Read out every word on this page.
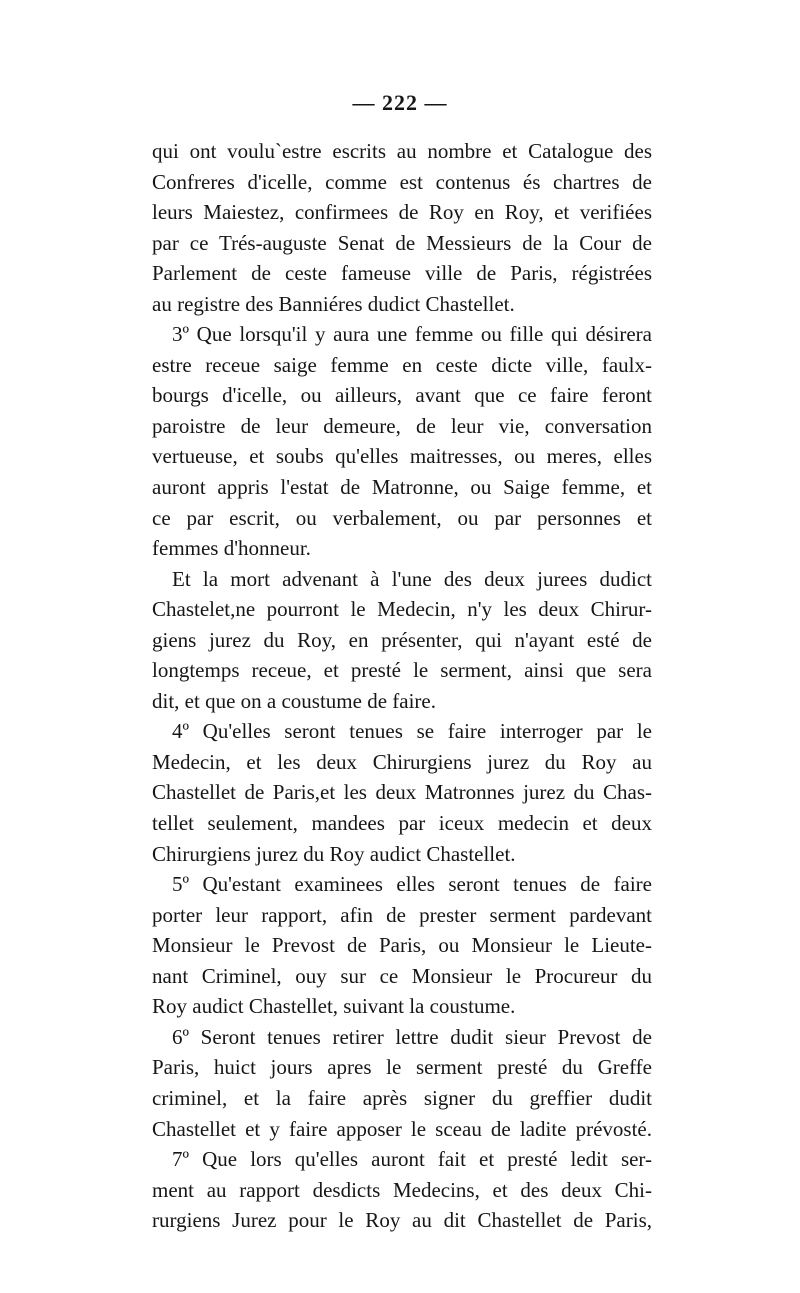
— 222 —
qui ont voulu`estre escrits au nombre et Catalogue des
Confreres d'icelle, comme est contenus és chartres de
leurs Maiestez, confirmees de Roy en Roy, et verifiées
par ce Trés-auguste Senat de Messieurs de la Cour de
Parlement de ceste fameuse ville de Paris, régistrées
au registre des Banniéres dudict Chastellet.
3º Que lorsqu'il y aura une femme ou fille qui désirera
estre receue saige femme en ceste dicte ville, faulx-
bourgs d'icelle, ou ailleurs, avant que ce faire feront
paroistre de leur demeure, de leur vie, conversation
vertueuse, et soubs qu'elles maitresses, ou meres, elles
auront appris l'estat de Matronne, ou Saige femme, et
ce par escrit, ou verbalement, ou par personnes et
femmes d'honneur.
Et la mort advenant à l'une des deux jurees dudict
Chastelet,ne pourront le Medecin, n'y les deux Chirur-
giens jurez du Roy, en présenter, qui n'ayant esté de
longtemps receue, et presté le serment, ainsi que sera
dit, et que on a coustume de faire.
4º Qu'elles seront tenues se faire interroger par le
Medecin, et les deux Chirurgiens jurez du Roy au
Chastellet de Paris,et les deux Matronnes jurez du Chas-
tellet seulement, mandees par iceux medecin et deux
Chirurgiens jurez du Roy audict Chastellet.
5º Qu'estant examinees elles seront tenues de faire
porter leur rapport, afin de prester serment pardevant
Monsieur le Prevost de Paris, ou Monsieur le Lieute-
nant Criminel, ouy sur ce Monsieur le Procureur du
Roy audict Chastellet, suivant la coustume.
6º Seront tenues retirer lettre dudit sieur Prevost de
Paris, huict jours apres le serment presté du Greffe
criminel, et la faire après signer du greffier dudit
Chastellet et y faire apposer le sceau de ladite prévosté.
7º Que lors qu'elles auront fait et presté ledit ser-
ment au rapport desdicts Medecins, et des deux Chi-
rurgiens Jurez pour le Roy au dit Chastellet de Paris,
